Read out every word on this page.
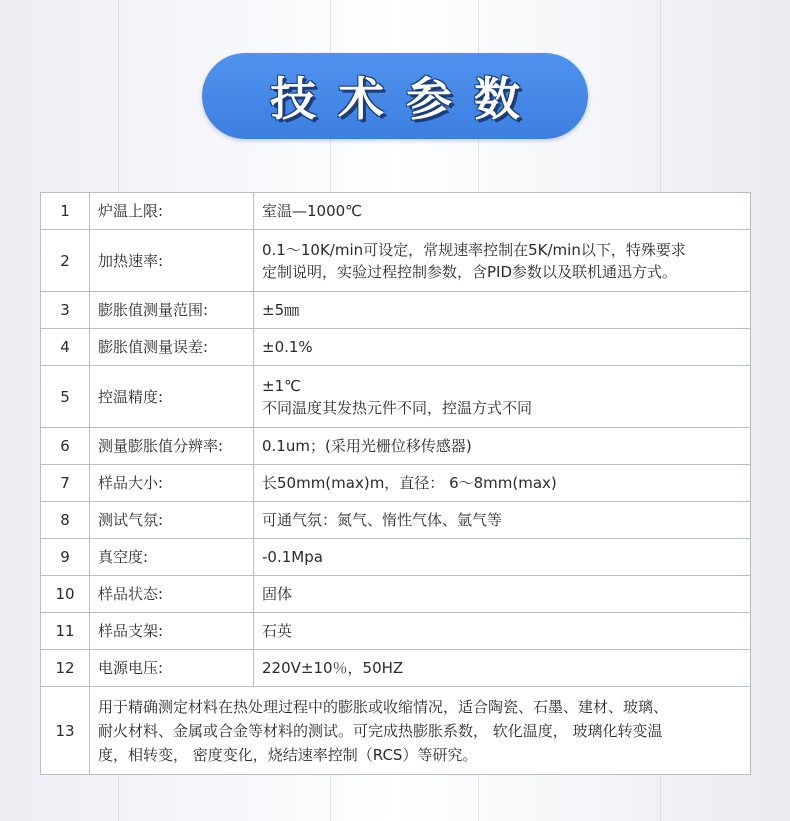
技术参数
1	炉温上限:	室温—1000℃

2	加热速率:	0.1～10K/min可设定，常规速率控制在5K/min以下，特殊要求
定制说明，实验过程控制参数，含PID参数以及联机通迅方式。

3	膨胀值测量范围:	±5㎜

4	膨胀值测量误差:	±0.1%

5	控温精度:	±1℃
不同温度其发热元件不同，控温方式不同

6	测量膨胀值分辨率:	0.1um；(采用光栅位移传感器)

7	样品大小:	长50mm(max)m，直径： 6～8mm(max)

8	测试气氛:	可通气氛：氮气、惰性气体、氩气等

9	真空度:	-0.1Mpa

10	样品状态:	固体

11	样品支架:	石英

12	电源电压:	220V±10％，50HZ

13	用于精确测定材料在热处理过程中的膨胀或收缩情况，适合陶瓷、石墨、建材、玻璃、
耐火材料、金属或合金等材料的测试。可完成热膨胀系数， 软化温度， 玻璃化转变温
度，相转变， 密度变化，烧结速率控制（RCS）等研究。	
